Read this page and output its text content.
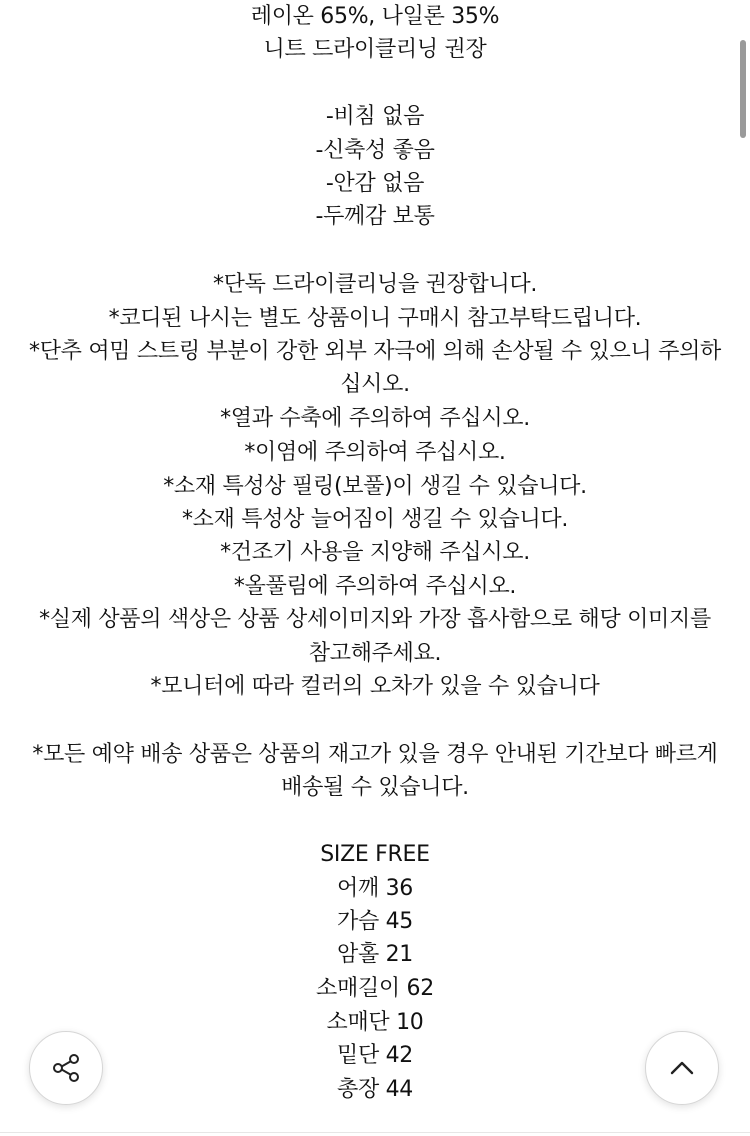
레이온 65%, 나일론 35%
니트 드라이클리닝 권장
-비침 없음
-신축성 좋음
-안감 없음
-두께감 보통
*단독 드라이클리닝을 권장합니다.
*코디된 나시는 별도 상품이니 구매시 참고부탁드립니다.
*단추 여밈 스트링 부분이 강한 외부 자극에 의해 손상될 수 있으니 주의하
십시오.
*열과 수축에 주의하여 주십시오.
*이염에 주의하여 주십시오.
*소재 특성상 필링(보풀)이 생길 수 있습니다.
*소재 특성상 늘어짐이 생길 수 있습니다.
*건조기 사용을 지양해 주십시오.
*올풀림에 주의하여 주십시오.
*실제 상품의 색상은 상품 상세이미지와 가장 흡사함으로 해당 이미지를
참고해주세요.
*모니터에 따라 컬러의 오차가 있을 수 있습니다
*모든 예약 배송 상품은 상품의 재고가 있을 경우 안내된 기간보다 빠르게
배송될 수 있습니다.
SIZE FREE
어깨 36
가슴 45
암홀 21
소매길이 62
소매단 10
밑단 42
총장 44
